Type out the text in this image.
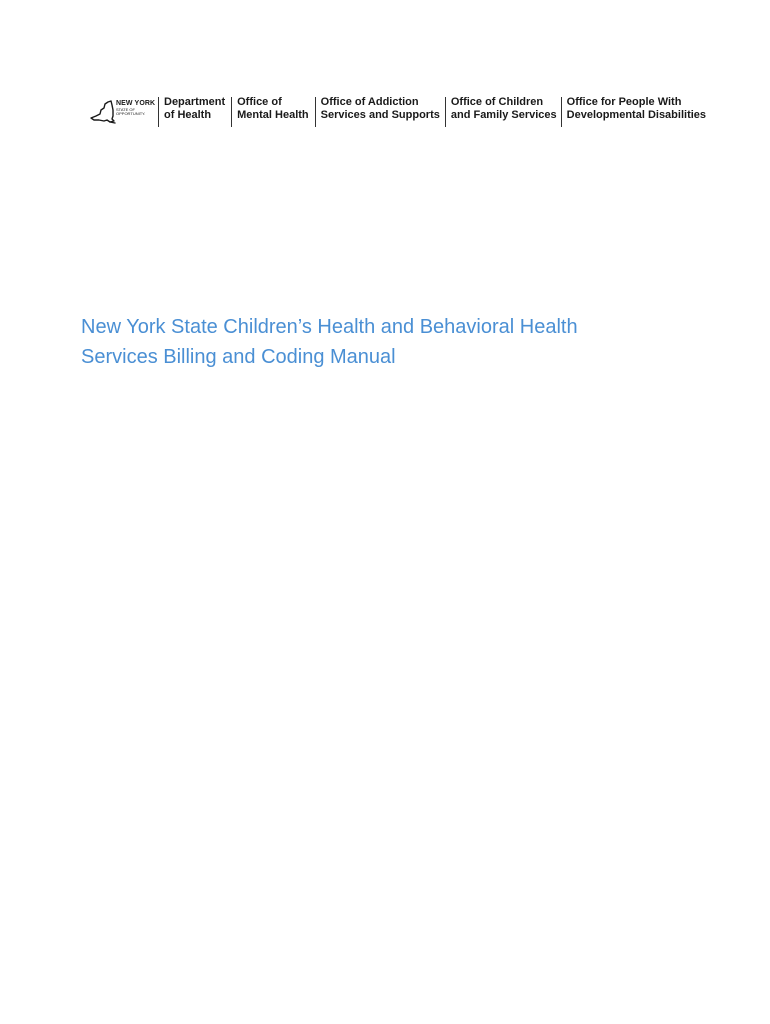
NEW YORK
STATE OF
OPPORTUNITY.
Department
of Health
Office of
Mental Health
Office of Addiction
Services and Supports
Office of Children
and Family Services
Office for People With
Developmental Disabilities
New York State Children’s Health and Behavioral Health
Services Billing and Coding Manual
